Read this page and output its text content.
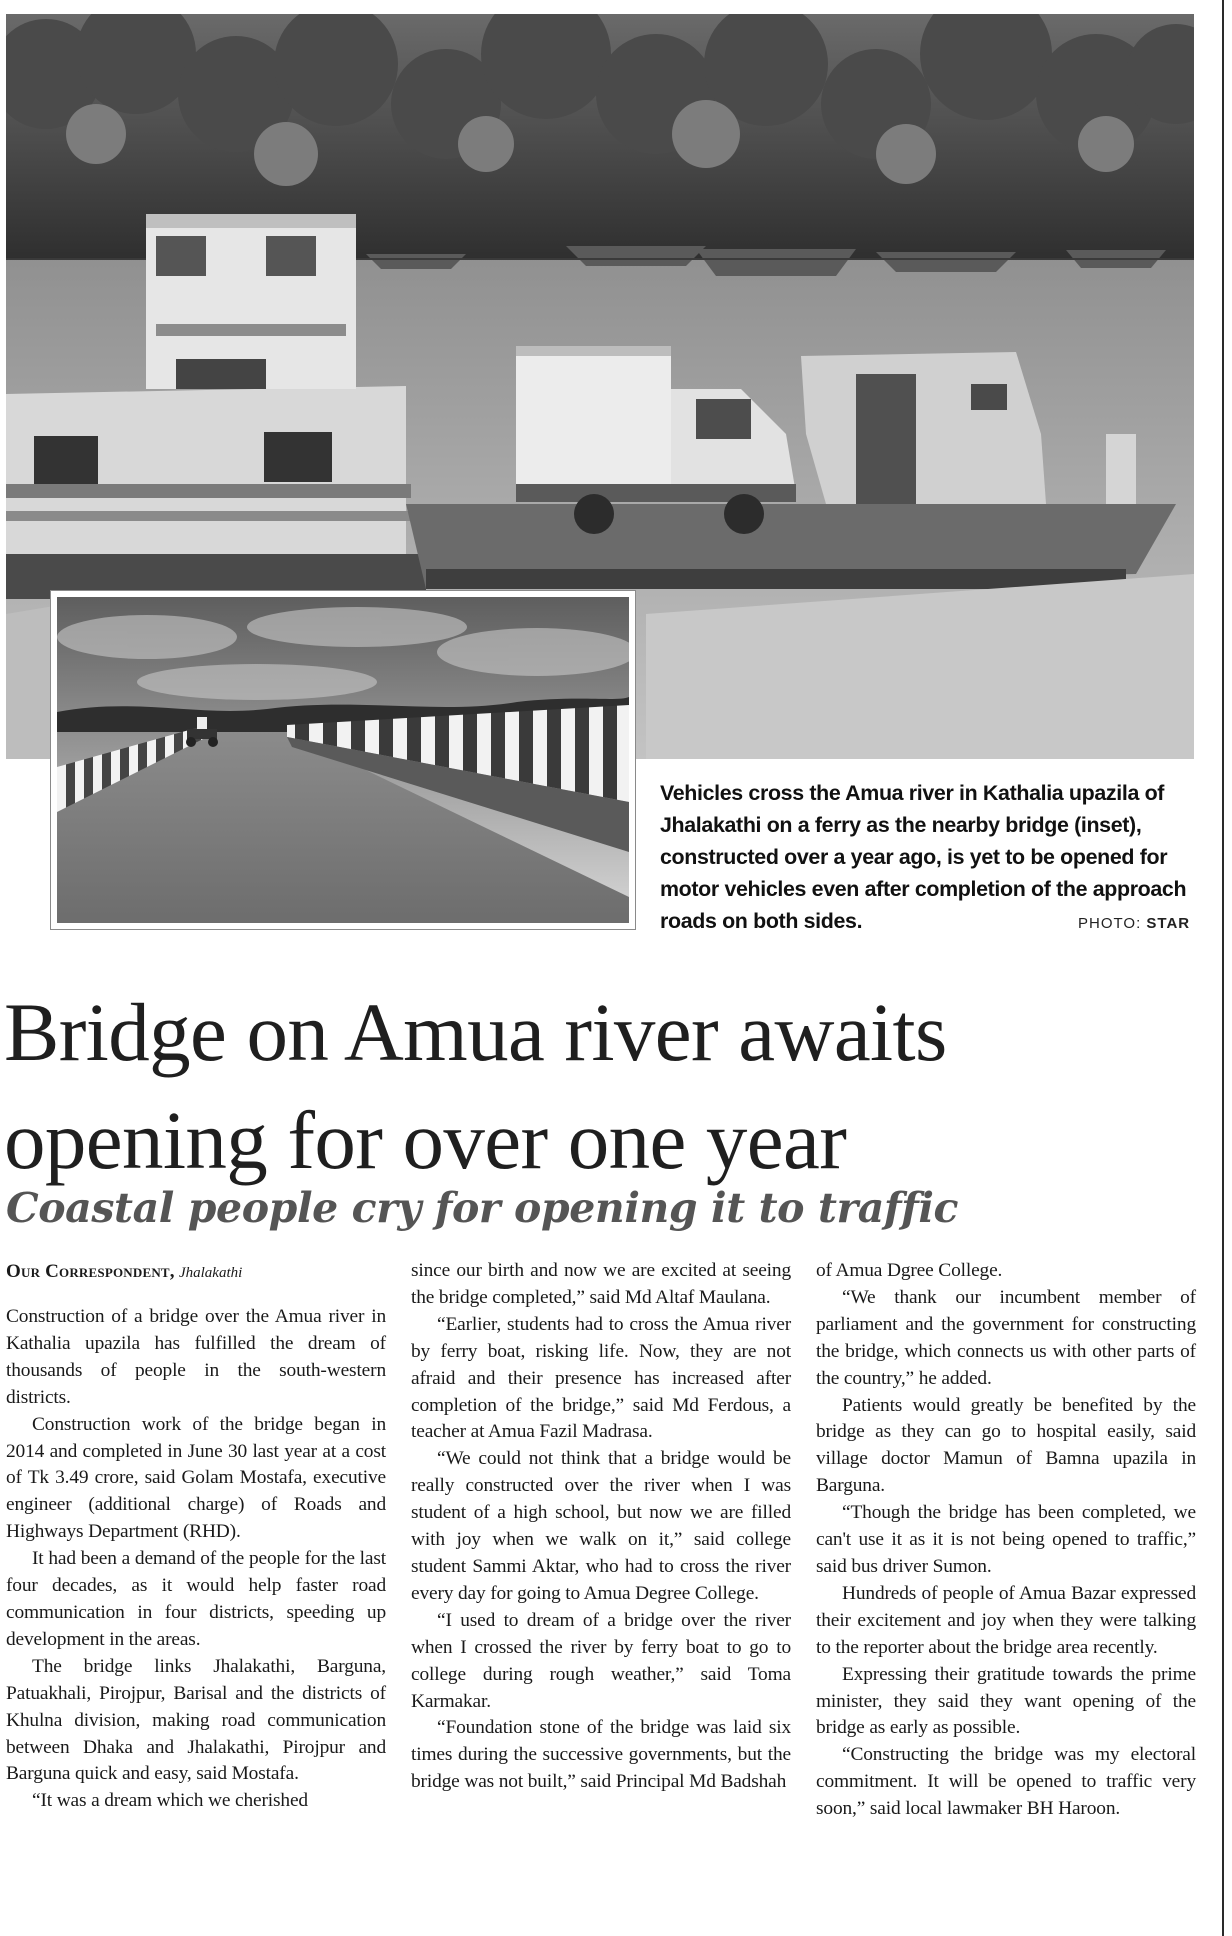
Vehicles cross the Amua river in Kathalia upazila of Jhalakathi on a ferry as the nearby bridge (inset), constructed over a year ago, is yet to be opened for motor vehicles even after completion of the approach roads on both sides.	PHOTO: STAR
Bridge on Amua river awaits opening for over one year
Coastal people cry for opening it to traffic
Our Correspondent, Jhalakathi

Construction of a bridge over the Amua river in Kathalia upazila has fulfilled the dream of thousands of people in the south-western districts.

Construction work of the bridge began in 2014 and completed in June 30 last year at a cost of Tk 3.49 crore, said Golam Mostafa, executive engineer (additional charge) of Roads and Highways Department (RHD).

It had been a demand of the people for the last four decades, as it would help faster road communication in four districts, speeding up development in the areas.

The bridge links Jhalakathi, Barguna, Patuakhali, Pirojpur, Barisal and the districts of Khulna division, making road communication between Dhaka and Jhalakathi, Pirojpur and Barguna quick and easy, said Mostafa.

“It was a dream which we cherished

since our birth and now we are excited at seeing the bridge completed,” said Md Altaf Maulana.

“Earlier, students had to cross the Amua river by ferry boat, risking life. Now, they are not afraid and their presence has increased after completion of the bridge,” said Md Ferdous, a teacher at Amua Fazil Madrasa.

“We could not think that a bridge would be really constructed over the river when I was student of a high school, but now we are filled with joy when we walk on it,” said college student Sammi Aktar, who had to cross the river every day for going to Amua Degree College.

“I used to dream of a bridge over the river when I crossed the river by ferry boat to go to college during rough weather,” said Toma Karmakar.

“Foundation stone of the bridge was laid six times during the successive governments, but the bridge was not built,” said Principal Md Badshah

of Amua Dgree College.

“We thank our incumbent member of parliament and the government for constructing the bridge, which connects us with other parts of the country,” he added.

Patients would greatly be benefited by the bridge as they can go to hospital easily, said village doctor Mamun of Bamna upazila in Barguna.

“Though the bridge has been completed, we can't use it as it is not being opened to traffic,” said bus driver Sumon.

Hundreds of people of Amua Bazar expressed their excitement and joy when they were talking to the reporter about the bridge area recently.

Expressing their gratitude towards the prime minister, they said they want opening of the bridge as early as possible.

“Constructing the bridge was my electoral commitment. It will be opened to traffic very soon,” said local lawmaker BH Haroon.
